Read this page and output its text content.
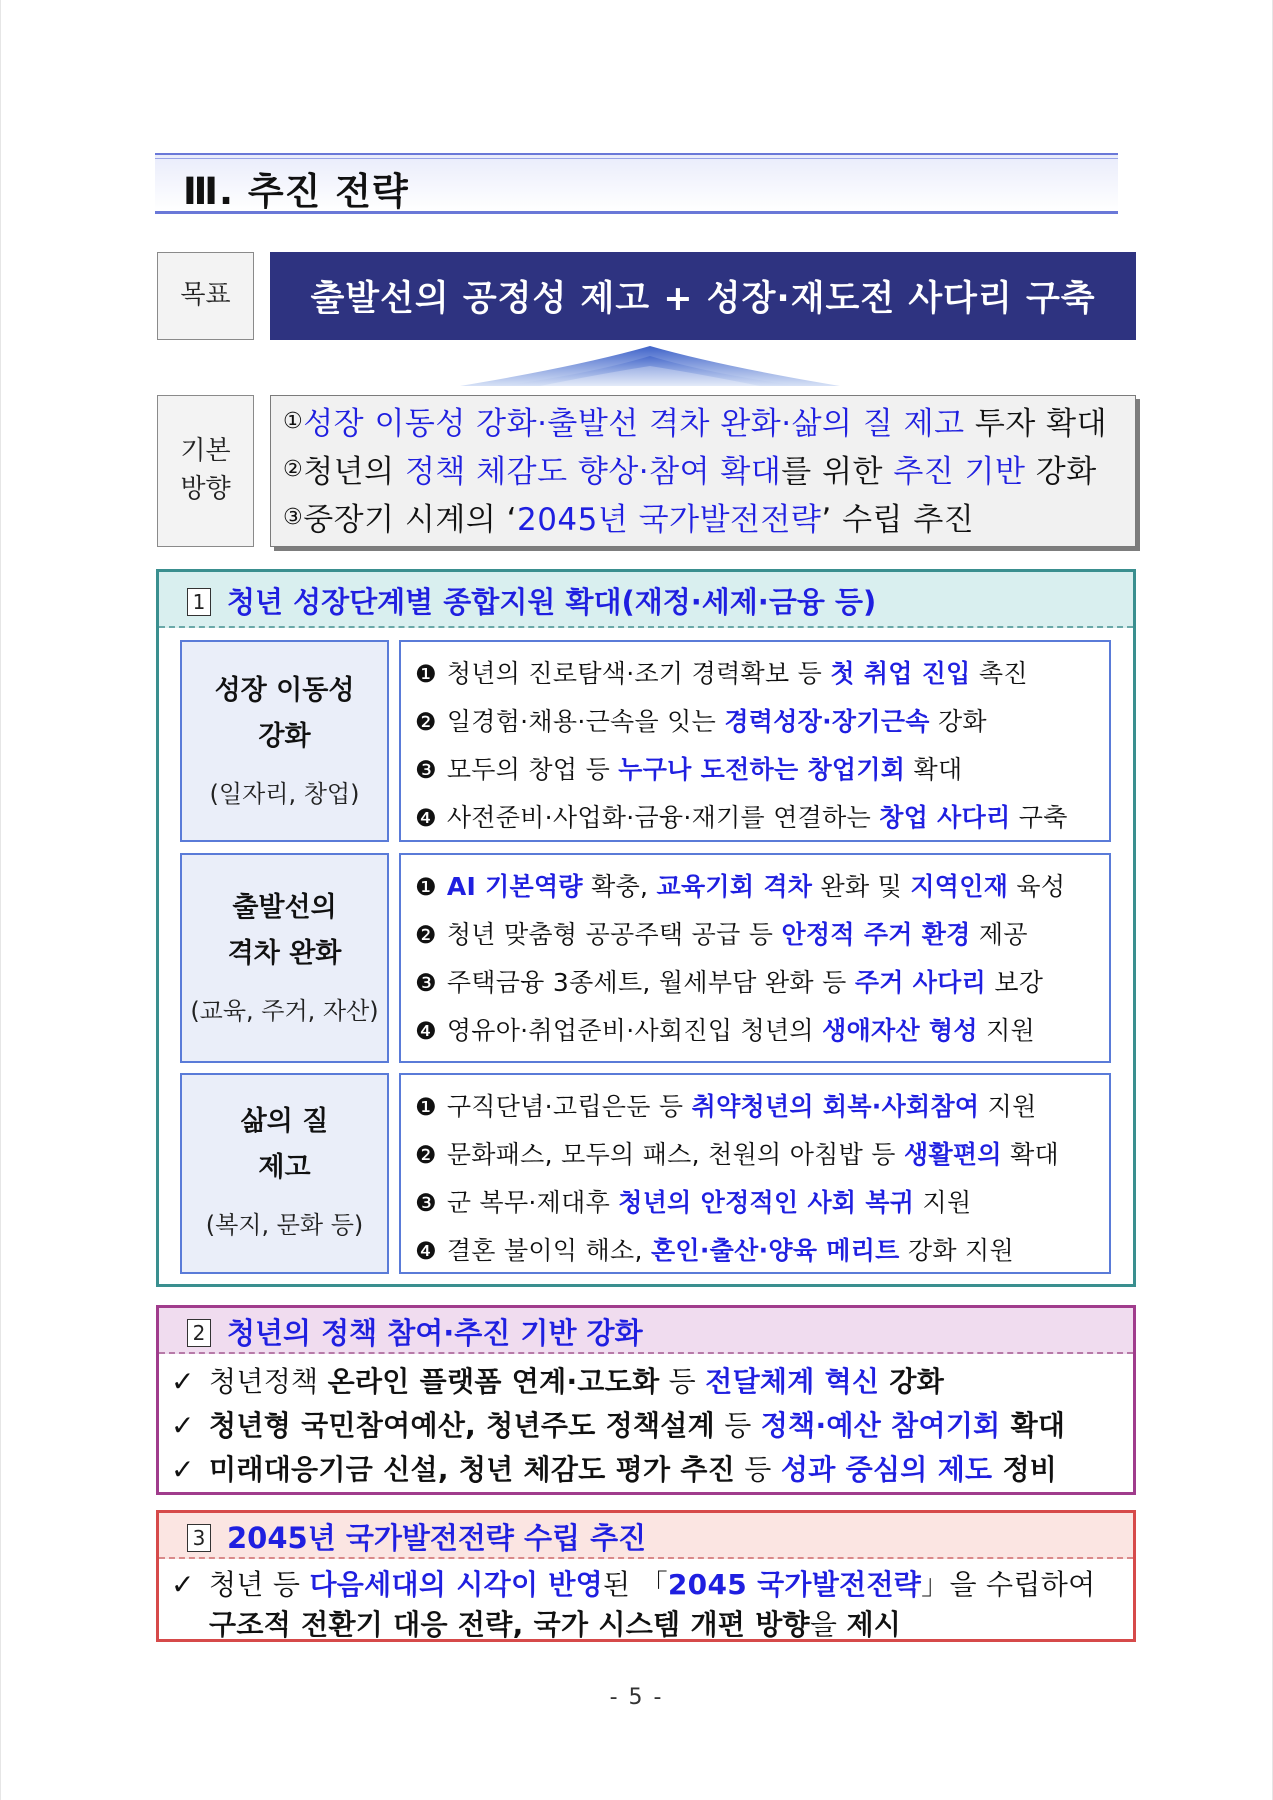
Ⅲ. 추진 전략
목표	출발선의 공정성 제고 + 성장·재도전 사다리 구축
기본
방향
①성장 이동성 강화·출발선 격차 완화·삶의 질 제고 투자 확대
②청년의 정책 체감도 향상·참여 확대를 위한 추진 기반 강화
③중장기 시계의 ‘2045년 국가발전전략’ 수립 추진
1 청년 성장단계별 종합지원 확대(재정·세제·금융 등)
성장 이동성
강화
(일자리, 창업)
❶ 청년의 진로탐색·조기 경력확보 등 첫 취업 진입 촉진
❷ 일경험·채용·근속을 잇는 경력성장·장기근속 강화
❸ 모두의 창업 등 누구나 도전하는 창업기회 확대
❹ 사전준비·사업화·금융·재기를 연결하는 창업 사다리 구축
출발선의
격차 완화
(교육, 주거, 자산)
❶ AI 기본역량 확충, 교육기회 격차 완화 및 지역인재 육성
❷ 청년 맞춤형 공공주택 공급 등 안정적 주거 환경 제공
❸ 주택금융 3종세트, 월세부담 완화 등 주거 사다리 보강
❹ 영유아·취업준비·사회진입 청년의 생애자산 형성 지원
삶의 질
제고
(복지, 문화 등)
❶ 구직단념·고립은둔 등 취약청년의 회복·사회참여 지원
❷ 문화패스, 모두의 패스, 천원의 아침밥 등 생활편의 확대
❸ 군 복무·제대후 청년의 안정적인 사회 복귀 지원
❹ 결혼 불이익 해소, 혼인·출산·양육 메리트 강화 지원
2 청년의 정책 참여·추진 기반 강화
✓ 청년정책 온라인 플랫폼 연계·고도화 등 전달체계 혁신 강화
✓ 청년형 국민참여예산, 청년주도 정책설계 등 정책·예산 참여기회 확대
✓ 미래대응기금 신설, 청년 체감도 평가 추진 등 성과 중심의 제도 정비
3 2045년 국가발전전략 수립 추진
✓ 청년 등 다음세대의 시각이 반영된 「2045 국가발전전략」을 수립하여
구조적 전환기 대응 전략, 국가 시스템 개편 방향을 제시
- 5 -
